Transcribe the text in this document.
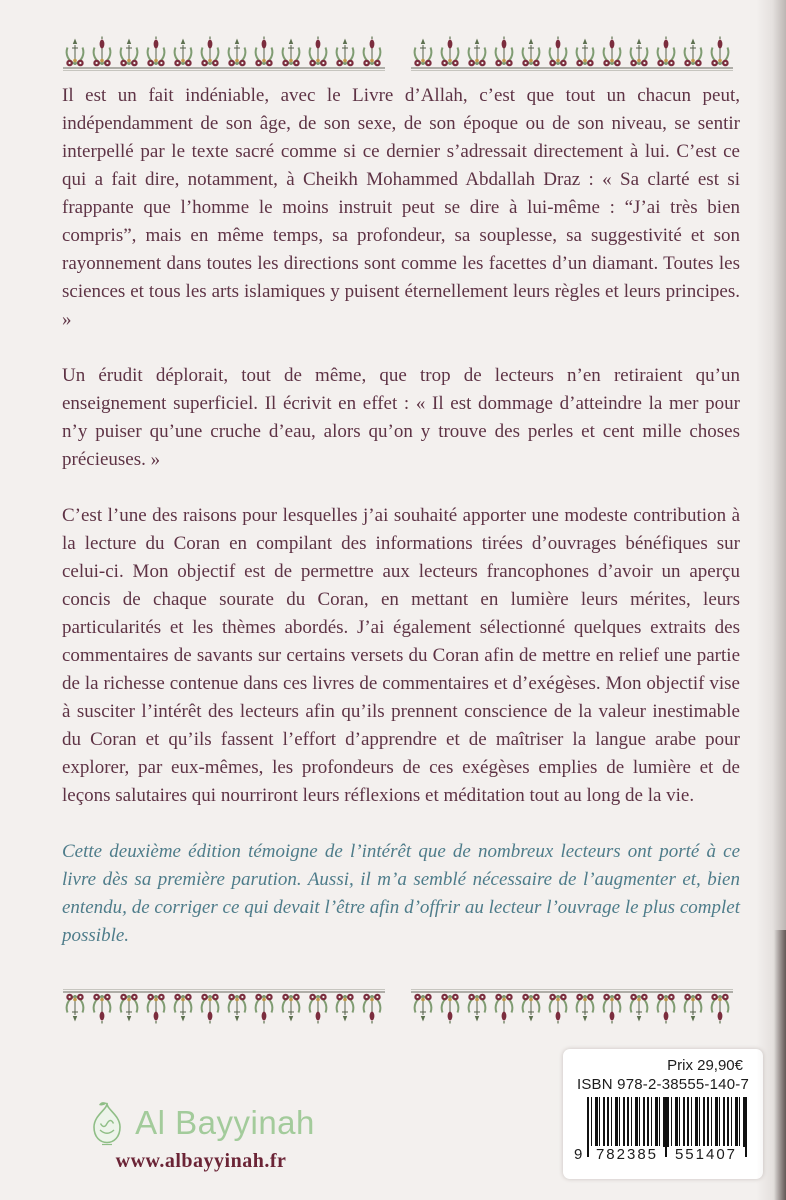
Il est un fait indéniable, avec le Livre d’Allah, c’est que tout un chacun peut, indépendamment de son âge, de son sexe, de son époque ou de son niveau, se sentir interpellé par le texte sacré comme si ce dernier s’adressait directement à lui. C’est ce qui a fait dire, notamment, à Cheikh Mohammed Abdallah Draz : « Sa clarté est si frappante que l’homme le moins instruit peut se dire à lui-même : “J’ai très bien compris”, mais en même temps, sa profondeur, sa souplesse, sa suggestivité et son rayonnement dans toutes les directions sont comme les facettes d’un diamant. Toutes les sciences et tous les arts islamiques y puisent éternellement leurs règles et leurs principes. »

Un érudit déplorait, tout de même, que trop de lecteurs n’en retiraient qu’un enseignement superficiel. Il écrivit en effet : « Il est dommage d’atteindre la mer pour n’y puiser qu’une cruche d’eau, alors qu’on y trouve des perles et cent mille choses précieuses. »

C’est l’une des raisons pour lesquelles j’ai souhaité apporter une modeste contribution à la lecture du Coran en compilant des informations tirées d’ouvrages bénéfiques sur celui-ci. Mon objectif est de permettre aux lecteurs francophones d’avoir un aperçu concis de chaque sourate du Coran, en mettant en lumière leurs mérites, leurs particularités et les thèmes abordés. J’ai également sélectionné quelques extraits des commentaires de savants sur certains versets du Coran afin de mettre en relief une partie de la richesse contenue dans ces livres de commentaires et d’exégèses. Mon objectif vise à susciter l’intérêt des lecteurs afin qu’ils prennent conscience de la valeur inestimable du Coran et qu’ils fassent l’effort d’apprendre et de maîtriser la langue arabe pour explorer, par eux-mêmes, les profondeurs de ces exégèses emplies de lumière et de leçons salutaires qui nourriront leurs réflexions et méditation tout au long de la vie.

Cette deuxième édition témoigne de l’intérêt que de nombreux lecteurs ont porté à ce livre dès sa première parution. Aussi, il m’a semblé nécessaire de l’augmenter et, bien entendu, de corriger ce qui devait l’être afin d’offrir au lecteur l’ouvrage le plus complet possible.

Al Bayyinah
www.albayyinah.fr
Prix 29,90€
ISBN 978-2-38555-140-7
9 782385	551407
